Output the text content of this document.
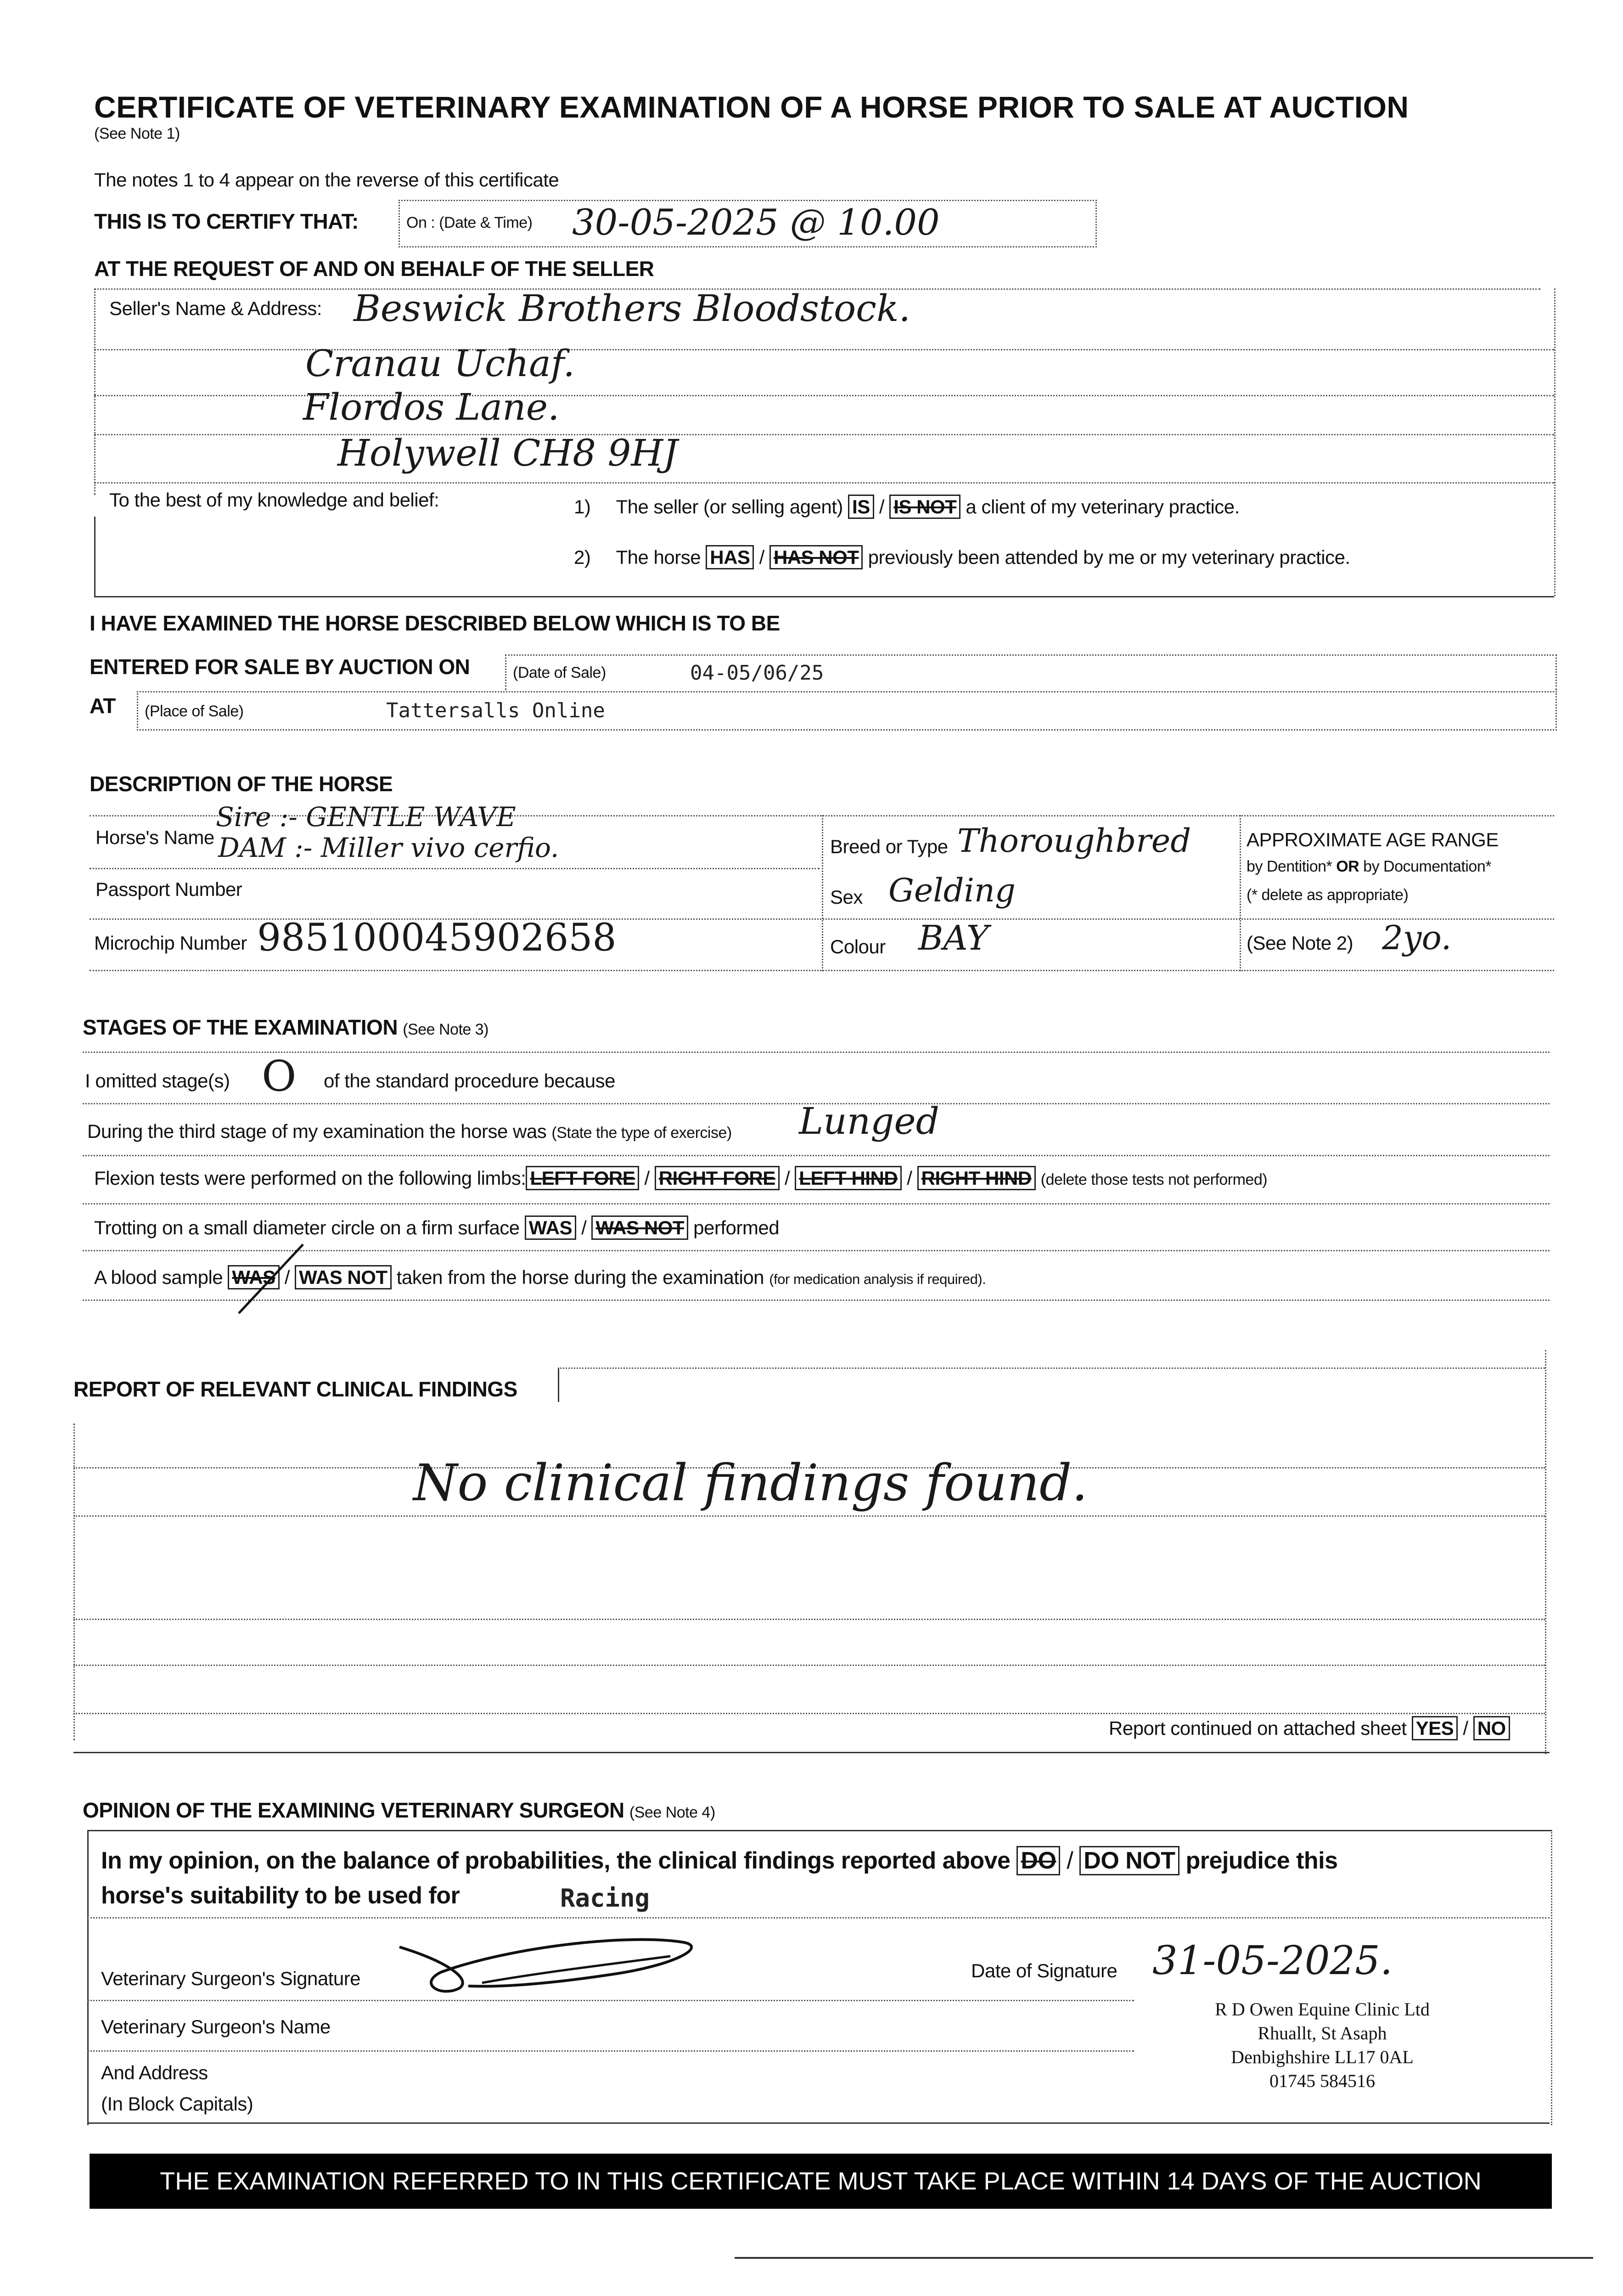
CERTIFICATE OF VETERINARY EXAMINATION OF A HORSE PRIOR TO SALE AT AUCTION
(See Note 1)
The notes 1 to 4 appear on the reverse of this certificate
THIS IS TO CERTIFY THAT:	On : (Date & Time) 30-05-2025 @ 10.00
AT THE REQUEST OF AND ON BEHALF OF THE SELLER
Seller's Name & Address: Beswick Brothers Bloodstock.
Cranau Uchaf.
Flordos Lane.
Holywell CH8 9HJ
To the best of my knowledge and belief:	1) The seller (or selling agent) IS / IS NOT a client of my veterinary practice.
2) The horse HAS / HAS NOT previously been attended by me or my veterinary practice.
I HAVE EXAMINED THE HORSE DESCRIBED BELOW WHICH IS TO BE
ENTERED FOR SALE BY AUCTION ON	(Date of Sale)	04-05/06/25
AT (Place of Sale)	Tattersalls Online
DESCRIPTION OF THE HORSE
Horse's Name
Sire :- GENTLE WAVE
DAM :- Miller vivo cerfio.	Breed or Type Thoroughbred	APPROXIMATE AGE RANGE
by Dentition* OR by Documentation*
(* delete as appropriate)
Passport Number	Sex Gelding
Microchip Number 985100045902658	Colour BAY	(See Note 2) 2yo.
STAGES OF THE EXAMINATION (See Note 3)
I omitted stage(s) O of the standard procedure because
During the third stage of my examination the horse was (State the type of exercise) Lunged
Flexion tests were performed on the following limbs: LEFT FORE / RIGHT FORE / LEFT HIND / RIGHT HIND (delete those tests not performed)
Trotting on a small diameter circle on a firm surface WAS / WAS NOT performed
A blood sample WAS / WAS NOT taken from the horse during the examination (for medication analysis if required).
REPORT OF RELEVANT CLINICAL FINDINGS
No clinical findings found.
Report continued on attached sheet YES / NO
OPINION OF THE EXAMINING VETERINARY SURGEON (See Note 4)
In my opinion, on the balance of probabilities, the clinical findings reported above DO / DO NOT prejudice this
horse's suitability to be used for	Racing
Veterinary Surgeon's Signature	Date of Signature 31-05-2025.
Veterinary Surgeon's Name
And Address
(In Block Capitals)
R D Owen Equine Clinic Ltd
Rhuallt, St Asaph
Denbighshire LL17 0AL
01745 584516
THE EXAMINATION REFERRED TO IN THIS CERTIFICATE MUST TAKE PLACE WITHIN 14 DAYS OF THE AUCTION
